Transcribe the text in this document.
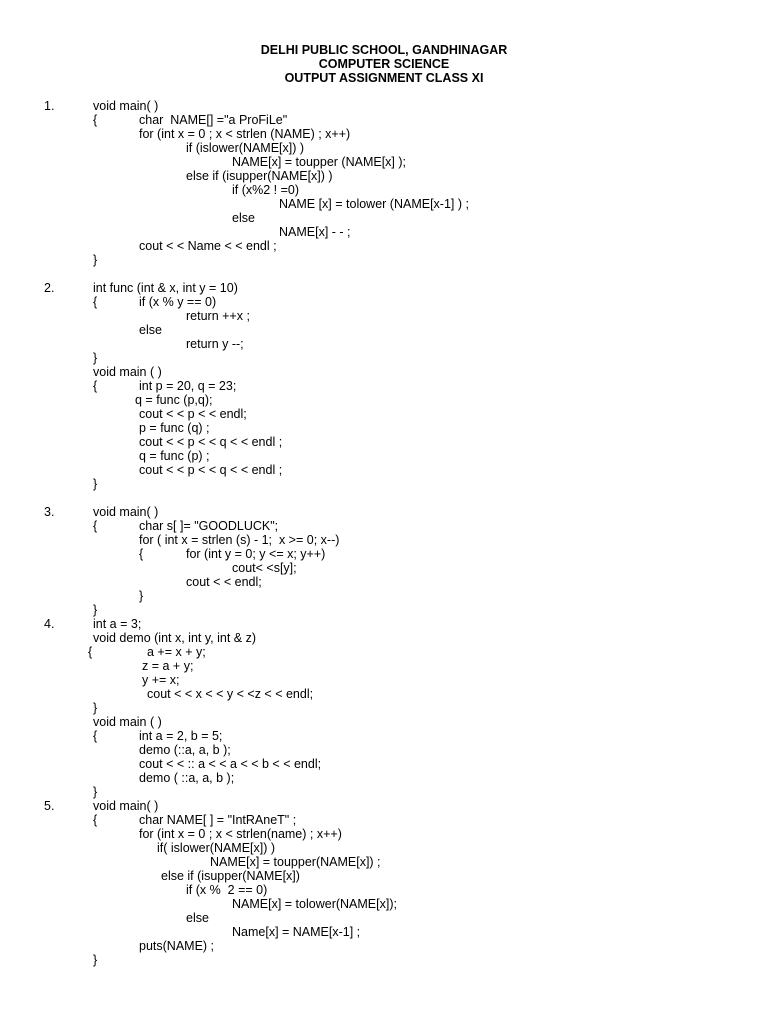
DELHI PUBLIC SCHOOL, GANDHINAGAR
COMPUTER SCIENCE
OUTPUT ASSIGNMENT CLASS XI
1.	void main( )
{	char  NAME[] ="a ProFiLe"
for (int x = 0 ; x < strlen (NAME) ; x++)
if (islower(NAME[x]) )
NAME[x] = toupper (NAME[x] );
else if (isupper(NAME[x]) )
if (x%2 ! =0)
NAME [x] = tolower (NAME[x-1] ) ;
else
NAME[x] - - ;
cout < < Name < < endl ;
}
2.	int func (int & x, int y = 10)
{	if (x % y == 0)
return ++x ;
else
return y --;
}
void main ( )
{	int p = 20, q = 23;
q = func (p,q);
cout < < p < < endl;
p = func (q) ;
cout < < p < < q < < endl ;
q = func (p) ;
cout < < p < < q < < endl ;
}
3.	void main( )
{	char s[ ]= "GOODLUCK";
for ( int x = strlen (s) - 1;  x >= 0; x--)
{	for (int y = 0; y <= x; y++)
cout< <s[y];
cout < < endl;
}
}
4.	int a = 3;
void demo (int x, int y, int & z)
{	a += x + y;
z = a + y;
y += x;
cout < < x < < y < <z < < endl;
}
void main ( )
{	int a = 2, b = 5;
demo (::a, a, b );
cout < < :: a < < a < < b < < endl;
demo ( ::a, a, b );
}
5.	void main( )
{	char NAME[ ] = "IntRAneT" ;
for (int x = 0 ; x < strlen(name) ; x++)
if( islower(NAME[x]) )
NAME[x] = toupper(NAME[x]) ;
else if (isupper(NAME[x])
if (x %  2 == 0)
NAME[x] = tolower(NAME[x]);
else
Name[x] = NAME[x-1] ;
puts(NAME) ;
}
